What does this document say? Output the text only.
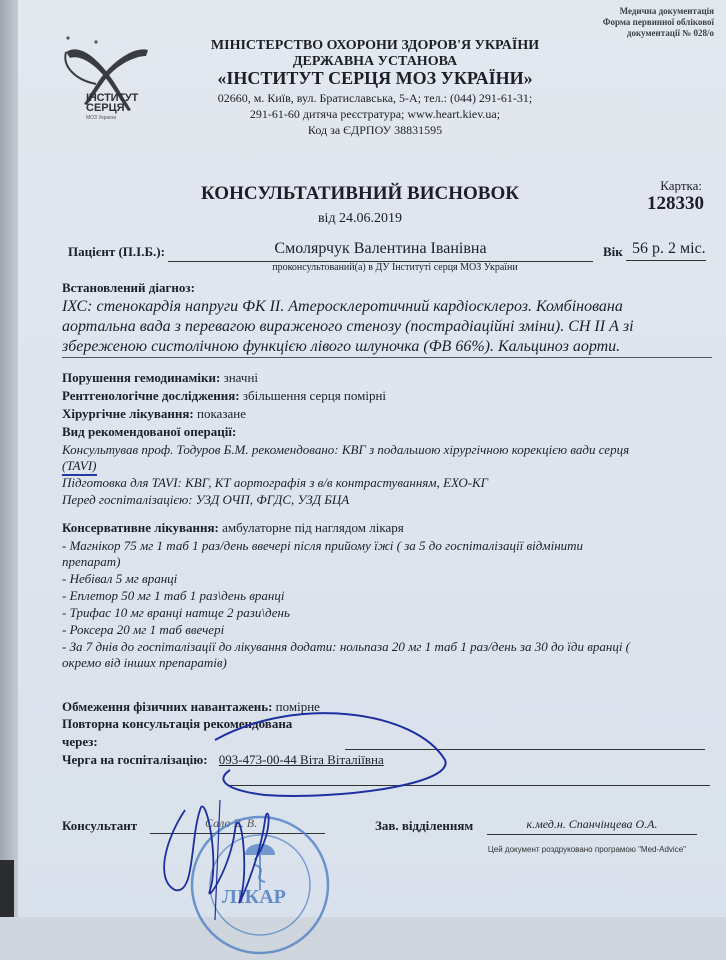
Медична документація
Форма первинної облікової
документації № 028/о
ІНСТИТУТ
СЕРЦЯ
МОЗ України
МІНІСТЕРСТВО ОХОРОНИ ЗДОРОВ'Я УКРАЇНИ
ДЕРЖАВНА УСТАНОВА
«ІНСТИТУТ СЕРЦЯ МОЗ УКРАЇНИ»
02660, м. Київ, вул. Братиславська, 5-А; тел.: (044) 291-61-31;
291-61-60 дитяча реєстратура; www.heart.kiev.ua;
Код за ЄДРПОУ 38831595
КОНСУЛЬТАТИВНИЙ ВИСНОВОК
від 24.06.2019
Картка:
128330
Пацієнт (П.І.Б.):	Смолярчук Валентина Іванівна	Вік 56 р. 2 міс.
проконсультований(а) в ДУ Інституті серця МОЗ України
Встановлений діагноз:
ІХС: стенокардія напруги ФК II. Атеросклеротичний кардіосклероз. Комбінована
аортальна вада з перевагою вираженого стенозу (пострадіаційні зміни). СН II А зі
збереженою систолічною функцією лівого шлуночка (ФВ 66%). Кальциноз аорти.
Порушення гемодинаміки: значні
Рентгенологічне дослідження: збільшення серця помірні
Хірургічне лікування: показане
Вид рекомендованої операції:
Консультував проф. Тодуров Б.М. рекомендовано: КВГ з подальшою хірургічною корекцією вади серця
(TAVI)
Підготовка для TAVI: КВГ, КТ аортографія з в/в контрастуванням, ЕХО-КГ
Перед госпіталізацією: УЗД ОЧП, ФГДС, УЗД БЦА
Консервативне лікування: амбулаторне під наглядом лікаря
- Магнікор 75 мг 1 таб 1 раз/день ввечері після прийому їжі ( за 5 до госпіталізації відмінити
препарат)
- Небівал 5 мг вранці
- Еплетор 50 мг 1 таб 1 раз\день вранці
- Трифас 10 мг вранці натще 2 рази\день
- Роксера 20 мг 1 таб ввечері
- За 7 днів до госпіталізації до лікування додати: нольпаза 20 мг 1 таб 1 раз/день за 30 до їди вранці (
окремо від інших препаратів)
Обмеження фізичних навантажень: помірне
Повторна консультація рекомендована
через:
Черга на госпіталізацію: 093-473-00-44 Віта Віталіївна
Консультант	Сало В. В.	Зав. відділенням	к.мед.н. Спанчінцева О.А.
Цей документ роздруковано програмою "Med-Advice"
ЛІКАР
